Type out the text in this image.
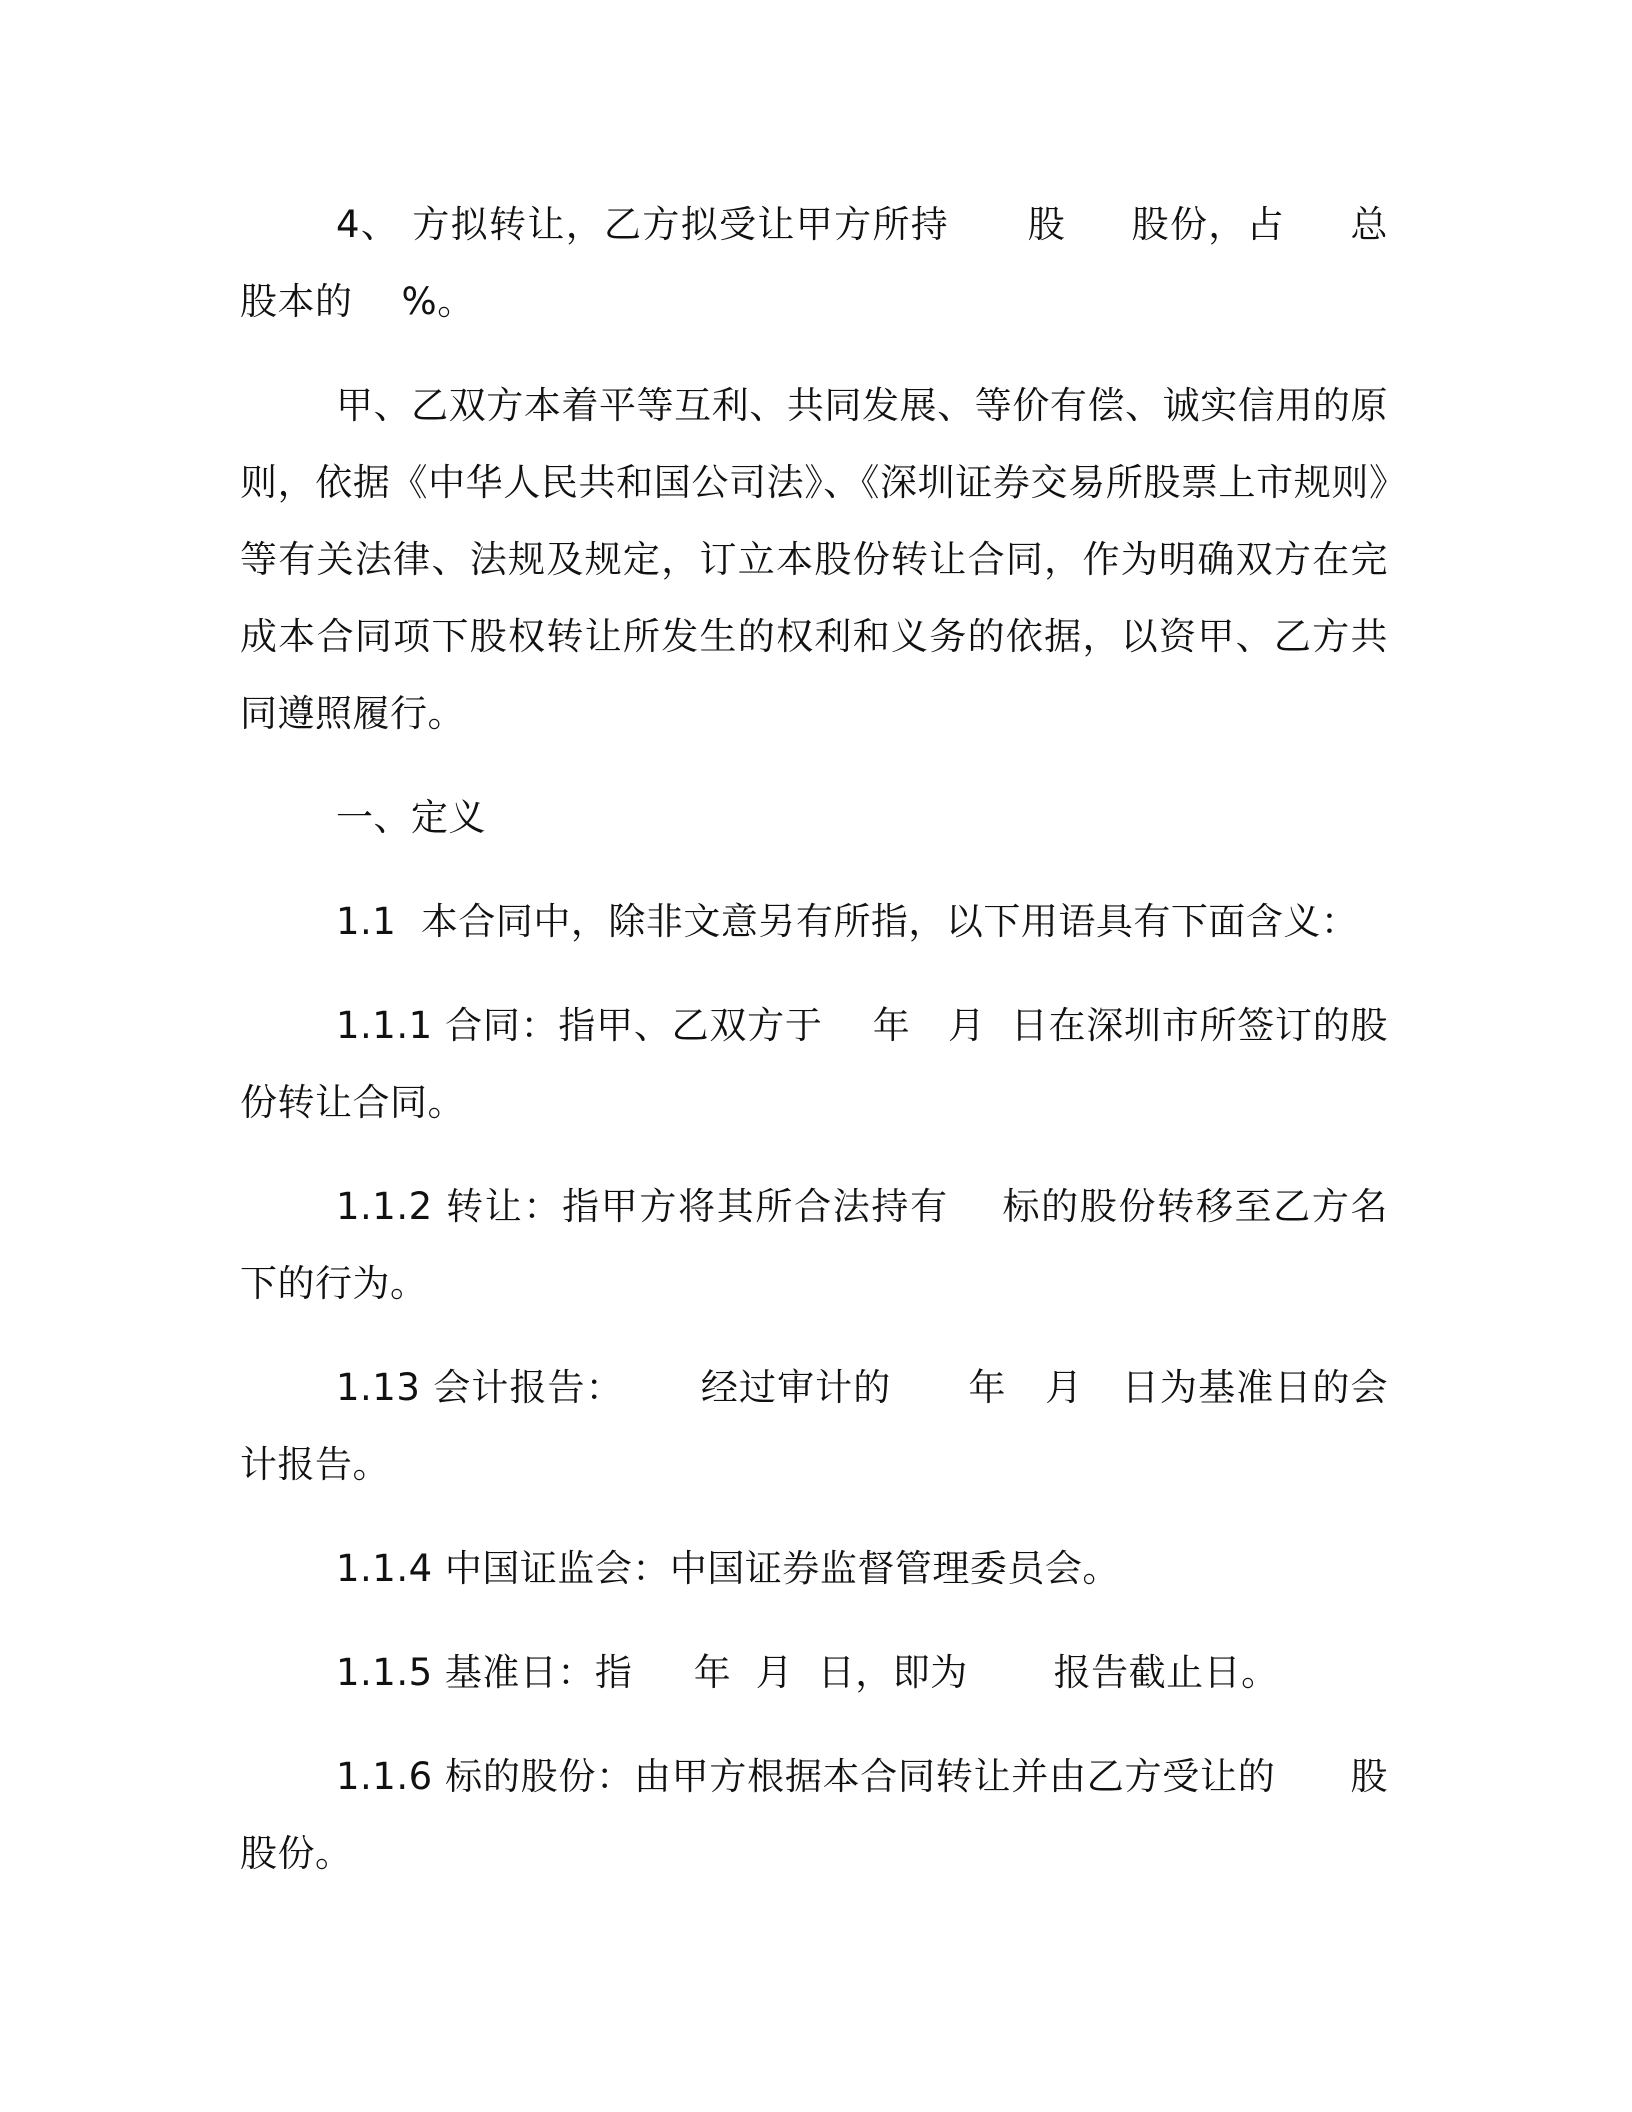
4、 方拟转让，乙方拟受让甲方所持      股     股份，占     总股本的    %。

甲、乙双方本着平等互利、共同发展、等价有偿、诚实信用的原则，依据《中华人民共和国公司法》、《深圳证券交易所股票上市规则》等有关法律、法规及规定，订立本股份转让合同，作为明确双方在完成本合同项下股权转让所发生的权利和义务的依据，以资甲、乙方共同遵照履行。

一、定义

1.1  本合同中，除非文意另有所指，以下用语具有下面含义：

1.1.1 合同：指甲、乙双方于    年   月  日在深圳市所签订的股份转让合同。

1.1.2 转让：指甲方将其所合法持有    标的股份转移至乙方名下的行为。

1.13 会计报告：      经过审计的      年   月   日为基准日的会计报告。

1.1.4 中国证监会：中国证券监督管理委员会。

1.1.5 基准日：指     年  月  日，即为       报告截止日。

1.1.6 标的股份：由甲方根据本合同转让并由乙方受让的      股股份。
